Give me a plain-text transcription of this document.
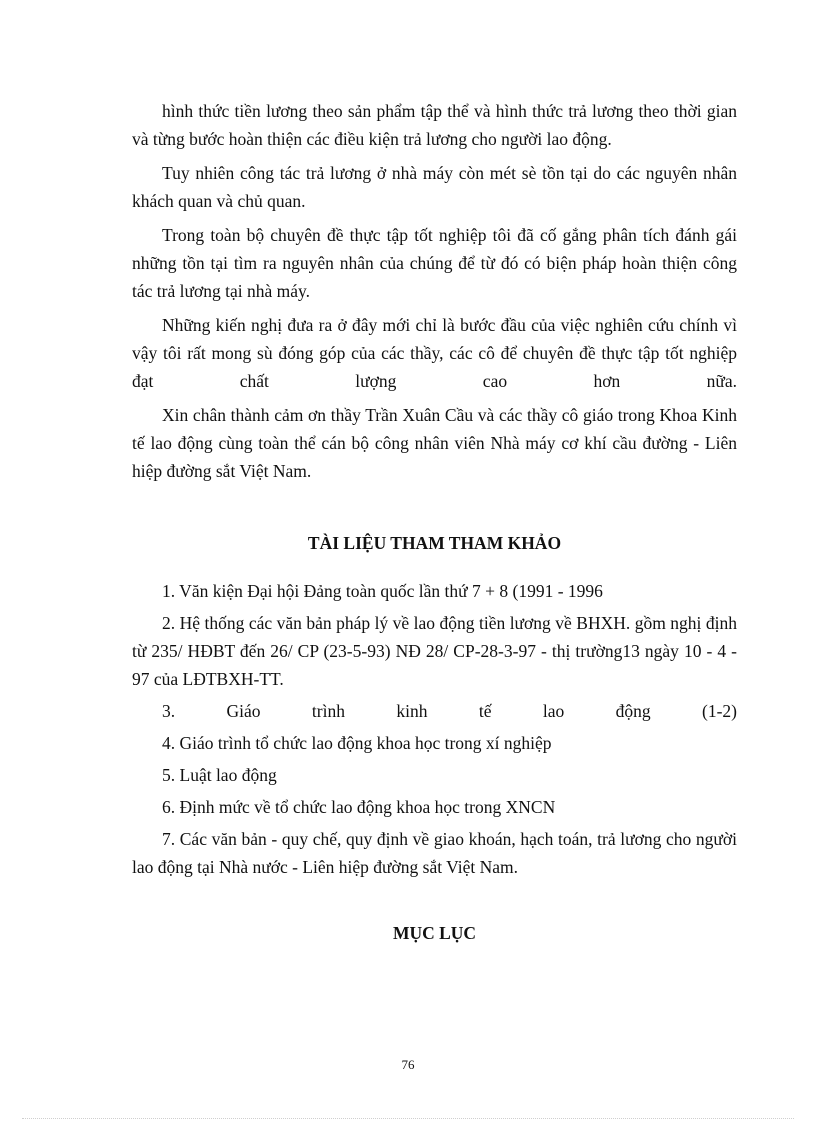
hình thức tiền lương theo sản phẩm tập thể và hình thức trả lương theo thời gian và từng bước hoàn thiện các điều kiện trả lương cho người lao động.

Tuy nhiên công tác trả lương ở nhà máy còn mét sè tồn tại do các nguyên nhân khách quan và chủ quan.

Trong toàn bộ chuyên đề thực tập tốt nghiệp tôi đã cố gắng phân tích đánh gái những tồn tại tìm ra nguyên nhân của chúng để từ đó có biện pháp hoàn thiện công tác trả lương tại nhà máy.

Những kiến nghị đưa ra ở đây mới chỉ là bước đầu của việc nghiên cứu chính vì vậy tôi rất mong sù đóng góp của các thầy, các cô để chuyên đề thực tập tốt nghiệp đạt chất lượng cao hơn nữa.

Xin chân thành cảm ơn thầy Trần Xuân Cầu và các thầy cô giáo trong Khoa Kinh tế lao động cùng toàn thể cán bộ công nhân viên Nhà máy cơ khí cầu đường - Liên hiệp đường sắt Việt Nam.

TÀI LIỆU THAM THAM KHẢO

1. Văn kiện Đại hội Đảng toàn quốc lần thứ 7 + 8 (1991 - 1996

2. Hệ thống các văn bản pháp lý về lao động tiền lương về BHXH. gồm nghị định từ 235/ HĐBT đến 26/ CP (23-5-93) NĐ 28/ CP-28-3-97 - thị trường13 ngày 10 - 4 - 97 của LĐTBXH-TT.

3. Giáo trình kinh tế lao động (1-2)

4. Giáo trình tổ chức lao động khoa học trong xí nghiệp

5. Luật lao động

6. Định mức về tổ chức lao động khoa học trong XNCN

7. Các văn bản - quy chế, quy định về giao khoán, hạch toán, trả lương cho người lao động tại Nhà nước - Liên hiệp đường sắt Việt Nam.

MỤC LỤC
76
